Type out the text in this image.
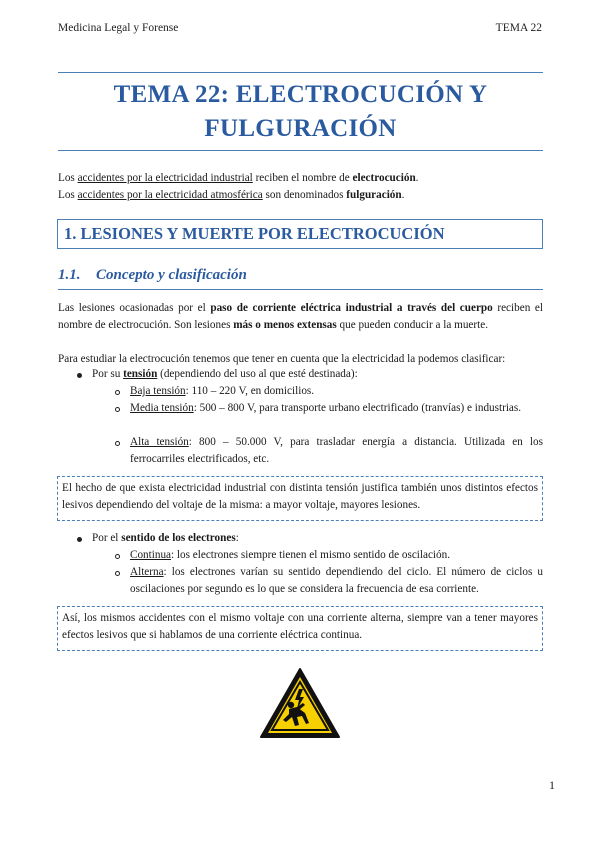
Medicina Legal y Forense	TEMA 22
TEMA 22: ELECTROCUCIÓN Y
FULGURACIÓN
Los accidentes por la electricidad industrial reciben el nombre de electrocución.
Los accidentes por la electricidad atmosférica son denominados fulguración.
1. LESIONES Y MUERTE POR ELECTROCUCIÓN
1.1. Concepto y clasificación
Las lesiones ocasionadas por el paso de corriente eléctrica industrial a través del cuerpo reciben el nombre de electrocución. Son lesiones más o menos extensas que pueden conducir a la muerte.
Para estudiar la electrocución tenemos que tener en cuenta que la electricidad la podemos clasificar:
Por su tensión (dependiendo del uso al que esté destinada):
Baja tensión: 110 – 220 V, en domicilios.
Media tensión: 500 – 800 V, para transporte urbano electrificado (tranvías) e industrias.
Alta tensión: 800 – 50.000 V, para trasladar energía a distancia. Utilizada en los ferrocarriles electrificados, etc.
El hecho de que exista electricidad industrial con distinta tensión justifica también unos distintos efectos lesivos dependiendo del voltaje de la misma: a mayor voltaje, mayores lesiones.
Por el sentido de los electrones:
Continua: los electrones siempre tienen el mismo sentido de oscilación.
Alterna: los electrones varían su sentido dependiendo del ciclo. El número de ciclos u oscilaciones por segundo es lo que se considera la frecuencia de esa corriente.
Así, los mismos accidentes con el mismo voltaje con una corriente alterna, siempre van a tener mayores efectos lesivos que si hablamos de una corriente eléctrica continua.
1
